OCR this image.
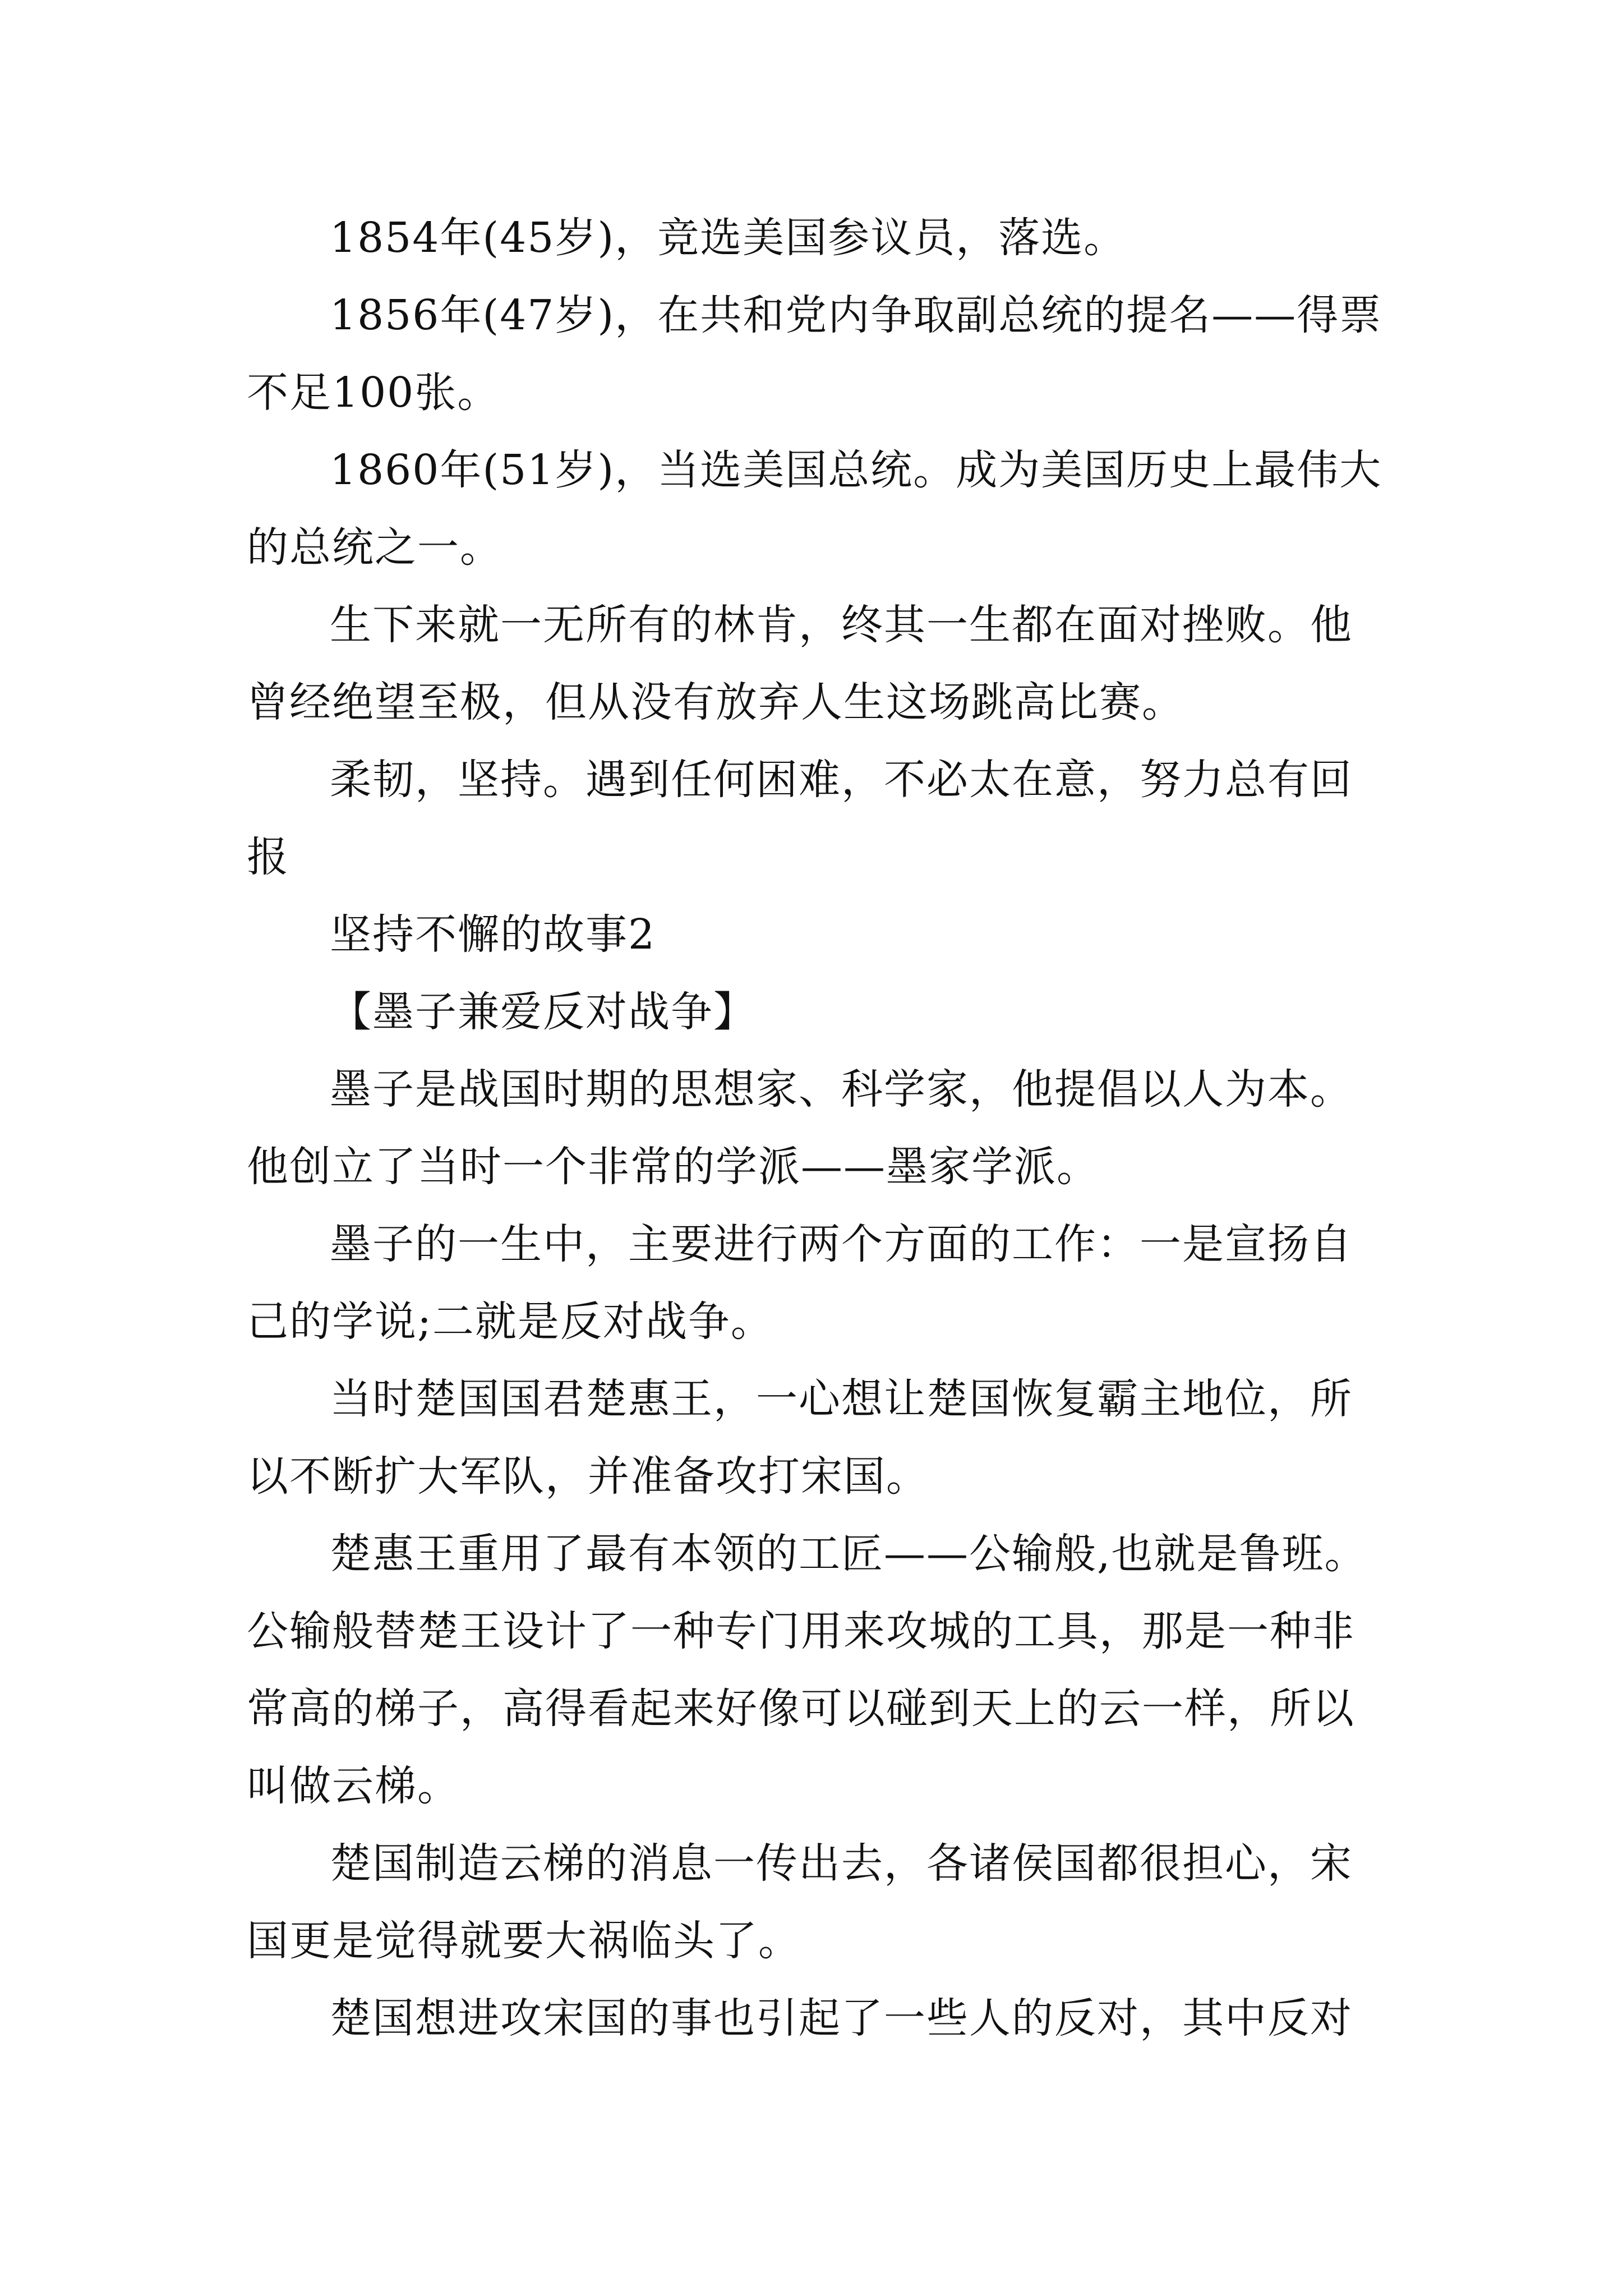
1854年(45岁)，竞选美国参议员，落选。

1856年(47岁)，在共和党内争取副总统的提名——得票不足100张。

1860年(51岁)，当选美国总统。成为美国历史上最伟大的总统之一。

生下来就一无所有的林肯，终其一生都在面对挫败。他曾经绝望至极，但从没有放弃人生这场跳高比赛。

柔韧，坚持。遇到任何困难，不必太在意，努力总有回报

坚持不懈的故事2

【墨子兼爱反对战争】

墨子是战国时期的思想家、科学家，他提倡以人为本。他创立了当时一个非常的学派——墨家学派。

墨子的一生中，主要进行两个方面的工作：一是宣扬自己的学说;二就是反对战争。

当时楚国国君楚惠王，一心想让楚国恢复霸主地位，所以不断扩大军队，并准备攻打宋国。

楚惠王重用了最有本领的工匠——公输般,也就是鲁班。公输般替楚王设计了一种专门用来攻城的工具，那是一种非常高的梯子，高得看起来好像可以碰到天上的云一样，所以叫做云梯。

楚国制造云梯的消息一传出去，各诸侯国都很担心，宋国更是觉得就要大祸临头了。

楚国想进攻宋国的事也引起了一些人的反对，其中反对
